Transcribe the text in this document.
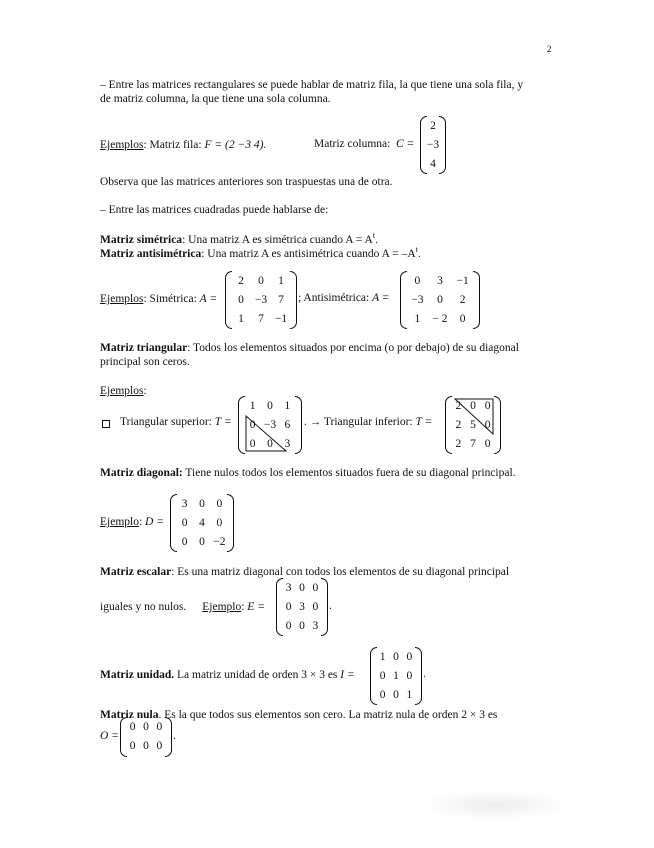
2
– Entre las matrices rectangulares se puede hablar de matriz fila, la que tiene una sola fila, y
de matriz columna, la que tiene una sola columna.
Ejemplos: Matriz fila: F = (2 −3 4).	Matriz columna: C =
2
−3
4
Observa que las matrices anteriores son traspuestas una de otra.
– Entre las matrices cuadradas puede hablarse de:
Matriz simétrica: Una matriz A es simétrica cuando $A = A^t$.
Matriz antisimétrica: Una matriz A es antisimétrica cuando $A = -A^t$.
Ejemplos: Simétrica: A =
2	0	1
0 −3 7
1	7 −1
; Antisimétrica: A =
0	3	−1
−3	0	2
1	− 2	0
Matriz triangular: Todos los elementos situados por encima (o por debajo) de su diagonal
principal son ceros.
Ejemplos:
Triangular superior: T =
1	0	1
0 −3 6
0	0	3
. → Triangular inferior: T =
2 0 0
2 5 0
2 7 0
Matriz diagonal: Tiene nulos todos los elementos situados fuera de su diagonal principal.
Ejemplo: D =
3	0	0
0	4	0
0	0 −2
Matriz escalar: Es una matriz diagonal con todos los elementos de su diagonal principal
iguales y no nulos. Ejemplo: E =
3 0 0
0 3 0
0 0 3
.
Matriz unidad. La matriz unidad de orden 3 × 3 es I =
1 0 0
0 1 0
0 0 1
.
Matriz nula. Es la que todos sus elementos son cero. La matriz nula de orden 2 × 3 es
O =
0 0 0
0 0 0
.
